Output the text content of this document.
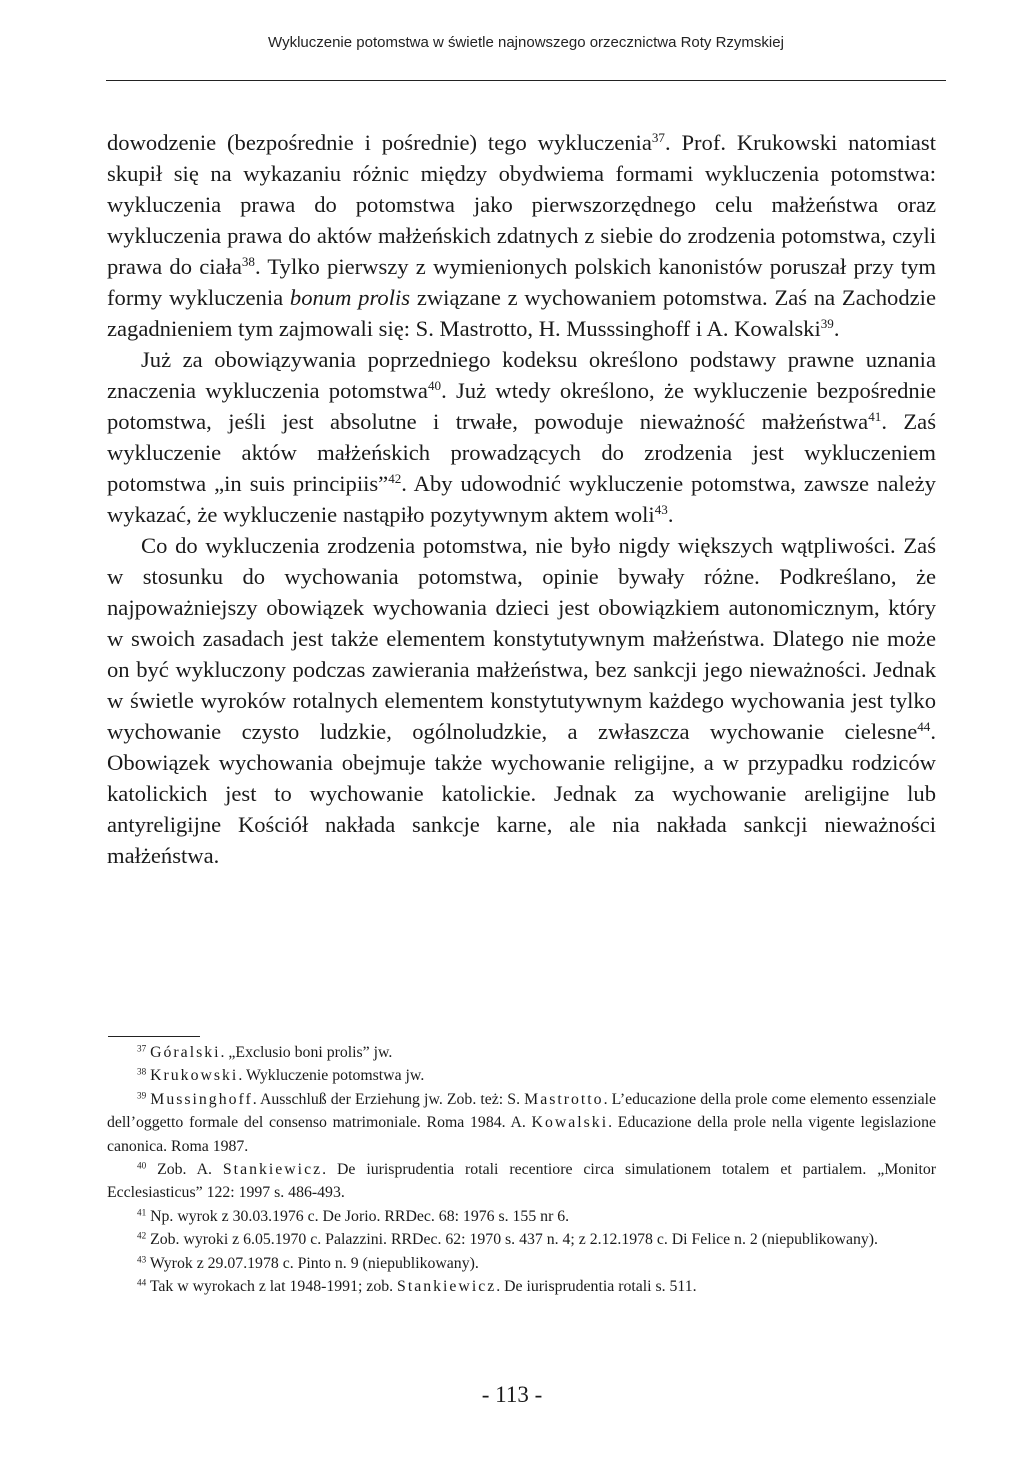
Wykluczenie potomstwa w świetle najnowszego orzecznictwa Roty Rzymskiej

dowodzenie (bezpośrednie i pośrednie) tego wykluczenia$^{37}$. Prof. Krukowski natomiast skupił się na wykazaniu różnic między obydwiema formami wykluczenia potomstwa: wykluczenia prawa do potomstwa jako pierwszorzędnego celu małżeństwa oraz wykluczenia prawa do aktów małżeńskich zdatnych z siebie do zrodzenia potomstwa, czyli prawa do ciała$^{38}$. Tylko pierwszy z wymienionych polskich kanonistów poruszał przy tym formy wykluczenia bonum prolis związane z wychowaniem potomstwa. Zaś na Zachodzie zagadnieniem tym zajmowali się: S. Mastrotto, H. Musssinghoff i A. Kowalski$^{39}$.

Już za obowiązywania poprzedniego kodeksu określono podstawy prawne uznania znaczenia wykluczenia potomstwa$^{40}$. Już wtedy określono, że wykluczenie bezpośrednie potomstwa, jeśli jest absolutne i trwałe, powoduje nieważność małżeństwa$^{41}$. Zaś wykluczenie aktów małżeńskich prowadzących do zrodzenia jest wykluczeniem potomstwa „in suis principiis”$^{42}$. Aby udowodnić wykluczenie potomstwa, zawsze należy wykazać, że wykluczenie nastąpiło pozytywnym aktem woli$^{43}$.

Co do wykluczenia zrodzenia potomstwa, nie było nigdy większych wątpliwości. Zaś w stosunku do wychowania potomstwa, opinie bywały różne. Podkreślano, że najpoważniejszy obowiązek wychowania dzieci jest obowiązkiem autonomicznym, który w swoich zasadach jest także elementem konstytutywnym małżeństwa. Dlatego nie może on być wykluczony podczas zawierania małżeństwa, bez sankcji jego nieważności. Jednak w świetle wyroków rotalnych elementem konstytutywnym każdego wychowania jest tylko wychowanie czysto ludzkie, ogólnoludzkie, a zwłaszcza wychowanie cielesne$^{44}$. Obowiązek wychowania obejmuje także wychowanie religijne, a w przypadku rodziców katolickich jest to wychowanie katolickie. Jednak za wychowanie areligijne lub antyreligijne Kościół nakłada sankcje karne, ale nia nakłada sankcji nieważności małżeństwa.

$^{37}$ Góralski. „Exclusio boni prolis” jw.

$^{38}$ Krukowski. Wykluczenie potomstwa jw.

$^{39}$ Mussinghoff. Ausschluß der Erziehung jw. Zob. też: S. Mastrotto. L’educazione della prole come elemento essenziale dell’oggetto formale del consenso matrimoniale. Roma 1984. A. Kowalski. Educazione della prole nella vigente legislazione canonica. Roma 1987.

$^{40}$ Zob. A. Stankiewicz. De iurisprudentia rotali recentiore circa simulationem totalem et partialem. „Monitor Ecclesiasticus” 122: 1997 s. 486-493.

$^{41}$ Np. wyrok z 30.03.1976 c. De Jorio. RRDec. 68: 1976 s. 155 nr 6.

$^{42}$ Zob. wyroki z 6.05.1970 c. Palazzini. RRDec. 62: 1970 s. 437 n. 4; z 2.12.1978 c. Di Felice n. 2 (niepublikowany).

$^{43}$ Wyrok z 29.07.1978 c. Pinto n. 9 (niepublikowany).

$^{44}$ Tak w wyrokach z lat 1948-1991; zob. Stankiewicz. De iurisprudentia rotali s. 511.

- 113 -
